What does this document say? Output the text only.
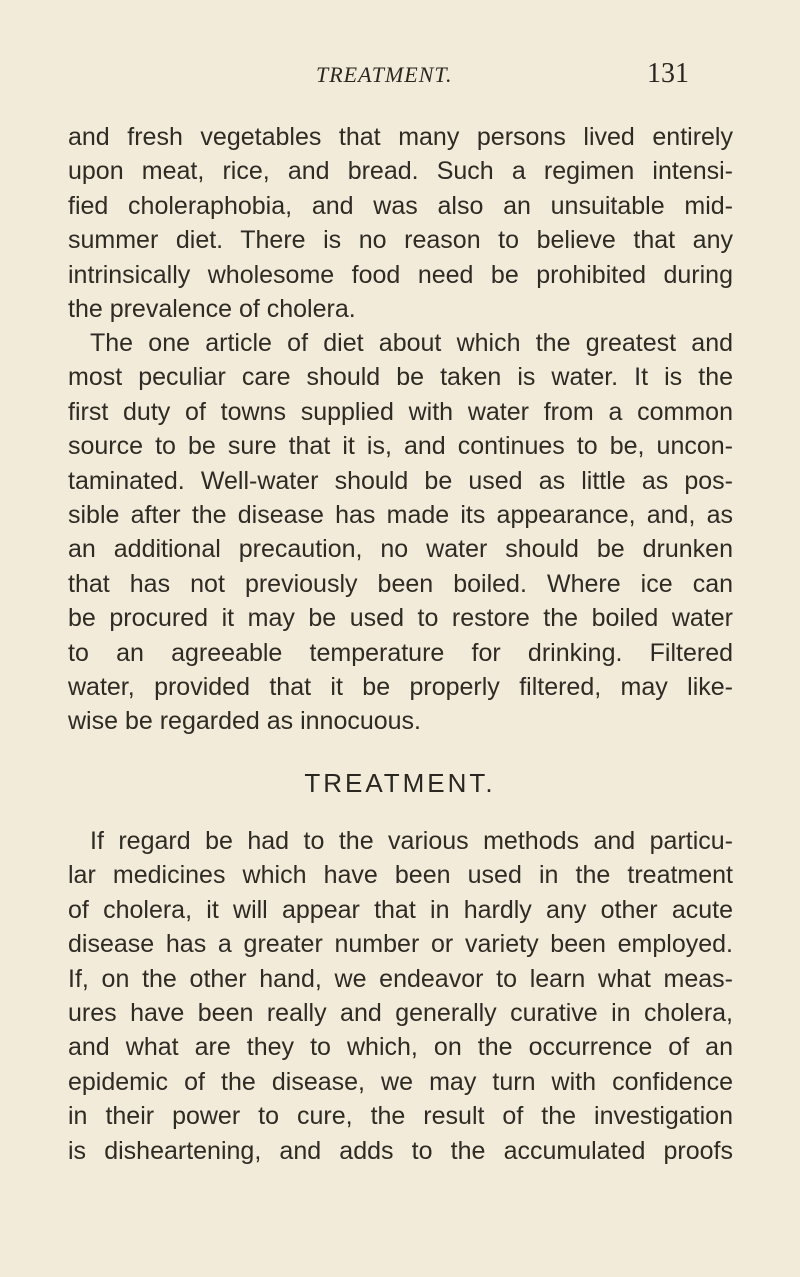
TREATMENT.	131
and fresh vegetables that many persons lived entirely
upon meat, rice, and bread. Such a regimen intensi-
fied choleraphobia, and was also an unsuitable mid-
summer diet. There is no reason to believe that any
intrinsically wholesome food need be prohibited during
the prevalence of cholera.
The one article of diet about which the greatest and
most peculiar care should be taken is water. It is the
first duty of towns supplied with water from a common
source to be sure that it is, and continues to be, uncon-
taminated. Well-water should be used as little as pos-
sible after the disease has made its appearance, and, as
an additional precaution, no water should be drunken
that has not previously been boiled. Where ice can
be procured it may be used to restore the boiled water
to an agreeable temperature for drinking. Filtered
water, provided that it be properly filtered, may like-
wise be regarded as innocuous.
TREATMENT.
If regard be had to the various methods and particu-
lar medicines which have been used in the treatment
of cholera, it will appear that in hardly any other acute
disease has a greater number or variety been employed.
If, on the other hand, we endeavor to learn what meas-
ures have been really and generally curative in cholera,
and what are they to which, on the occurrence of an
epidemic of the disease, we may turn with confidence
in their power to cure, the result of the investigation
is disheartening, and adds to the accumulated proofs
